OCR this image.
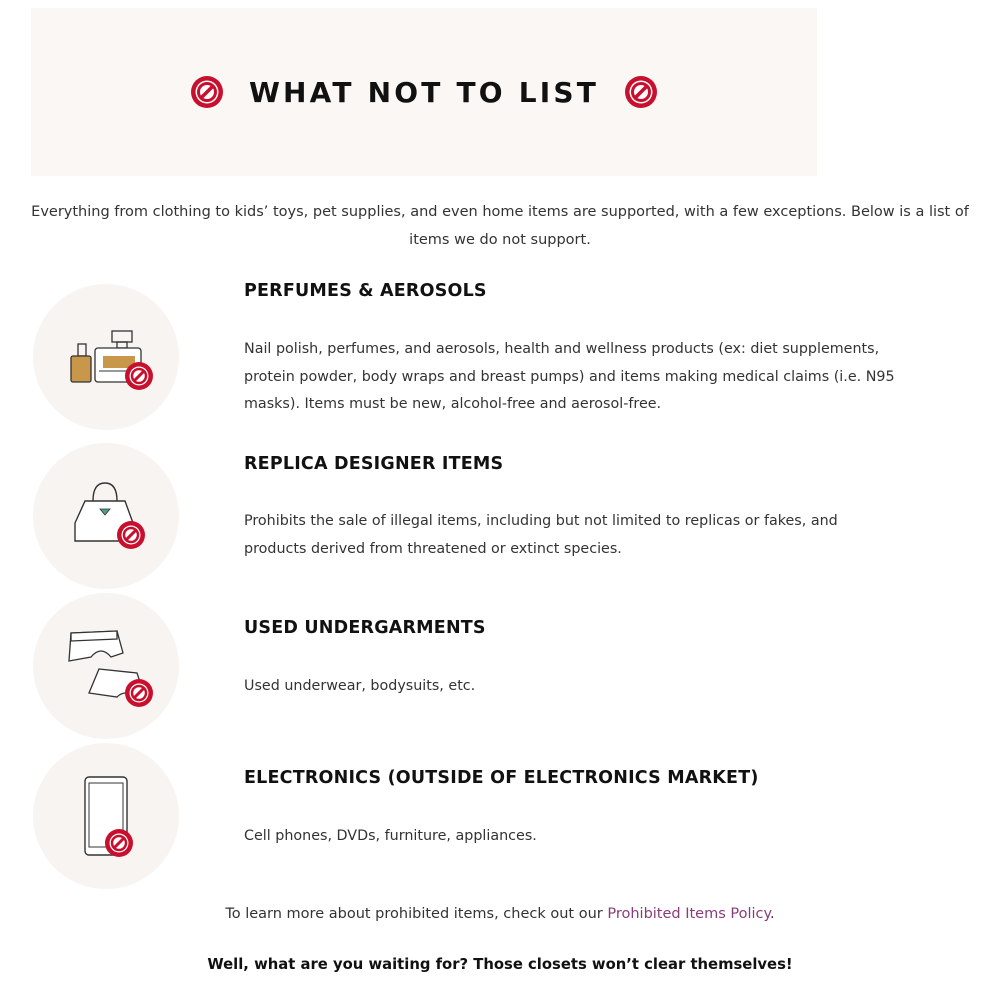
WHAT NOT TO LIST
Everything from clothing to kids’ toys, pet supplies, and even home items are supported, with a few exceptions. Below is a list of items we do not support.
PERFUMES & AEROSOLS
Nail polish, perfumes, and aerosols, health and wellness products (ex: diet supplements, protein powder, body wraps and breast pumps) and items making medical claims (i.e. N95 masks). Items must be new, alcohol-free and aerosol-free.
REPLICA DESIGNER ITEMS
Prohibits the sale of illegal items, including but not limited to replicas or fakes, and products derived from threatened or extinct species.
USED UNDERGARMENTS
Used underwear, bodysuits, etc.
ELECTRONICS (OUTSIDE OF ELECTRONICS MARKET)
Cell phones, DVDs, furniture, appliances.
To learn more about prohibited items, check out our Prohibited Items Policy.
Well, what are you waiting for? Those closets won’t clear themselves!
